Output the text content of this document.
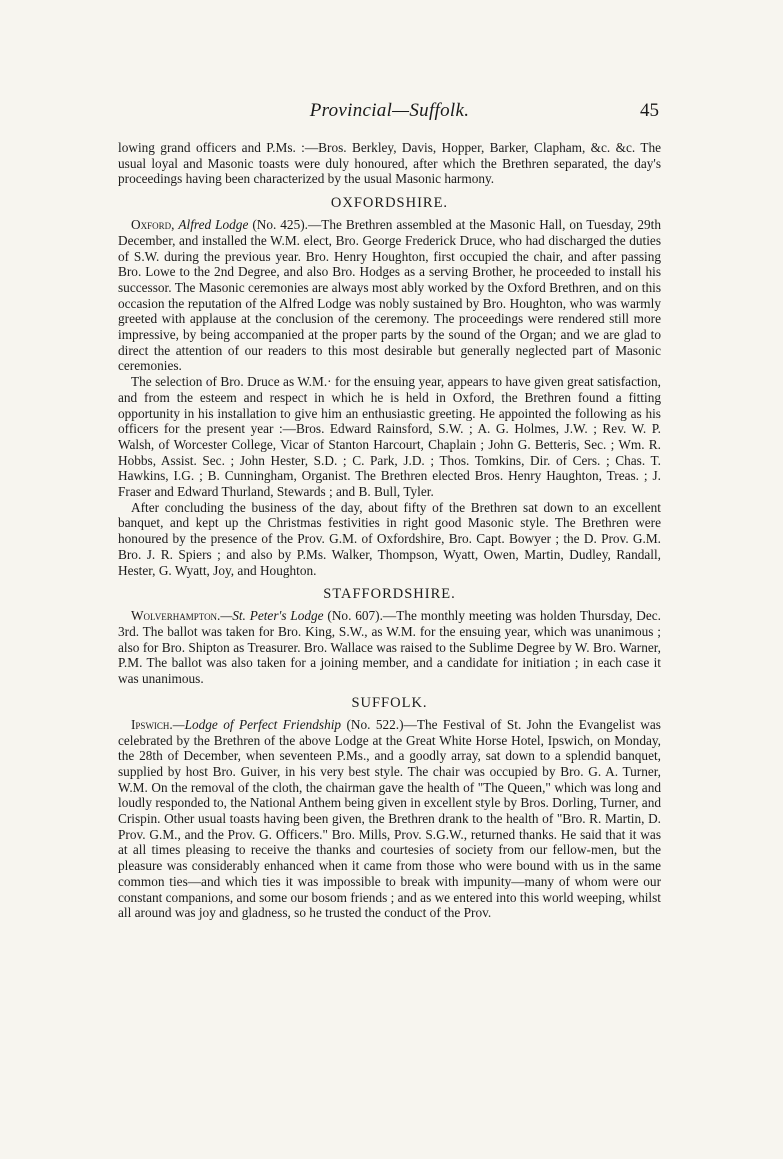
Provincial—Suffolk.	45

lowing grand officers and P.Ms. :—Bros. Berkley, Davis, Hopper, Barker, Clapham, &c. &c. The usual loyal and Masonic toasts were duly honoured, after which the Brethren separated, the day's proceedings having been characterized by the usual Masonic harmony.

OXFORDSHIRE.

Oxford, Alfred Lodge (No. 425).—The Brethren assembled at the Masonic Hall, on Tuesday, 29th December, and installed the W.M. elect, Bro. George Frederick Druce, who had discharged the duties of S.W. during the previous year. Bro. Henry Houghton, first occupied the chair, and after passing Bro. Lowe to the 2nd Degree, and also Bro. Hodges as a serving Brother, he proceeded to install his successor. The Masonic ceremonies are always most ably worked by the Oxford Brethren, and on this occasion the reputation of the Alfred Lodge was nobly sustained by Bro. Houghton, who was warmly greeted with applause at the conclusion of the ceremony. The proceedings were rendered still more impressive, by being accompanied at the proper parts by the sound of the Organ; and we are glad to direct the attention of our readers to this most desirable but generally neglected part of Masonic ceremonies.

The selection of Bro. Druce as W.M.· for the ensuing year, appears to have given great satisfaction, and from the esteem and respect in which he is held in Oxford, the Brethren found a fitting opportunity in his installation to give him an enthusiastic greeting. He appointed the following as his officers for the present year :—Bros. Edward Rainsford, S.W. ; A. G. Holmes, J.W. ; Rev. W. P. Walsh, of Worcester College, Vicar of Stanton Harcourt, Chaplain ; John G. Betteris, Sec. ; Wm. R. Hobbs, Assist. Sec. ; John Hester, S.D. ; C. Park, J.D. ; Thos. Tomkins, Dir. of Cers. ; Chas. T. Hawkins, I.G. ; B. Cunningham, Organist. The Brethren elected Bros. Henry Haughton, Treas. ; J. Fraser and Edward Thurland, Stewards ; and B. Bull, Tyler.

After concluding the business of the day, about fifty of the Brethren sat down to an excellent banquet, and kept up the Christmas festivities in right good Masonic style. The Brethren were honoured by the presence of the Prov. G.M. of Oxfordshire, Bro. Capt. Bowyer ; the D. Prov. G.M. Bro. J. R. Spiers ; and also by P.Ms. Walker, Thompson, Wyatt, Owen, Martin, Dudley, Randall, Hester, G. Wyatt, Joy, and Houghton.

STAFFORDSHIRE.

Wolverhampton.—St. Peter's Lodge (No. 607).—The monthly meeting was holden Thursday, Dec. 3rd. The ballot was taken for Bro. King, S.W., as W.M. for the ensuing year, which was unanimous ; also for Bro. Shipton as Treasurer. Bro. Wallace was raised to the Sublime Degree by W. Bro. Warner, P.M. The ballot was also taken for a joining member, and a candidate for initiation ; in each case it was unanimous.

SUFFOLK.

Ipswich.—Lodge of Perfect Friendship (No. 522.)—The Festival of St. John the Evangelist was celebrated by the Brethren of the above Lodge at the Great White Horse Hotel, Ipswich, on Monday, the 28th of December, when seventeen P.Ms., and a goodly array, sat down to a splendid banquet, supplied by host Bro. Guiver, in his very best style. The chair was occupied by Bro. G. A. Turner, W.M. On the removal of the cloth, the chairman gave the health of "The Queen," which was long and loudly responded to, the National Anthem being given in excellent style by Bros. Dorling, Turner, and Crispin. Other usual toasts having been given, the Brethren drank to the health of "Bro. R. Martin, D. Prov. G.M., and the Prov. G. Officers." Bro. Mills, Prov. S.G.W., returned thanks. He said that it was at all times pleasing to receive the thanks and courtesies of society from our fellow-men, but the pleasure was considerably enhanced when it came from those who were bound with us in the same common ties—and which ties it was impossible to break with impunity—many of whom were our constant companions, and some our bosom friends ; and as we entered into this world weeping, whilst all around was joy and gladness, so he trusted the conduct of the Prov.
